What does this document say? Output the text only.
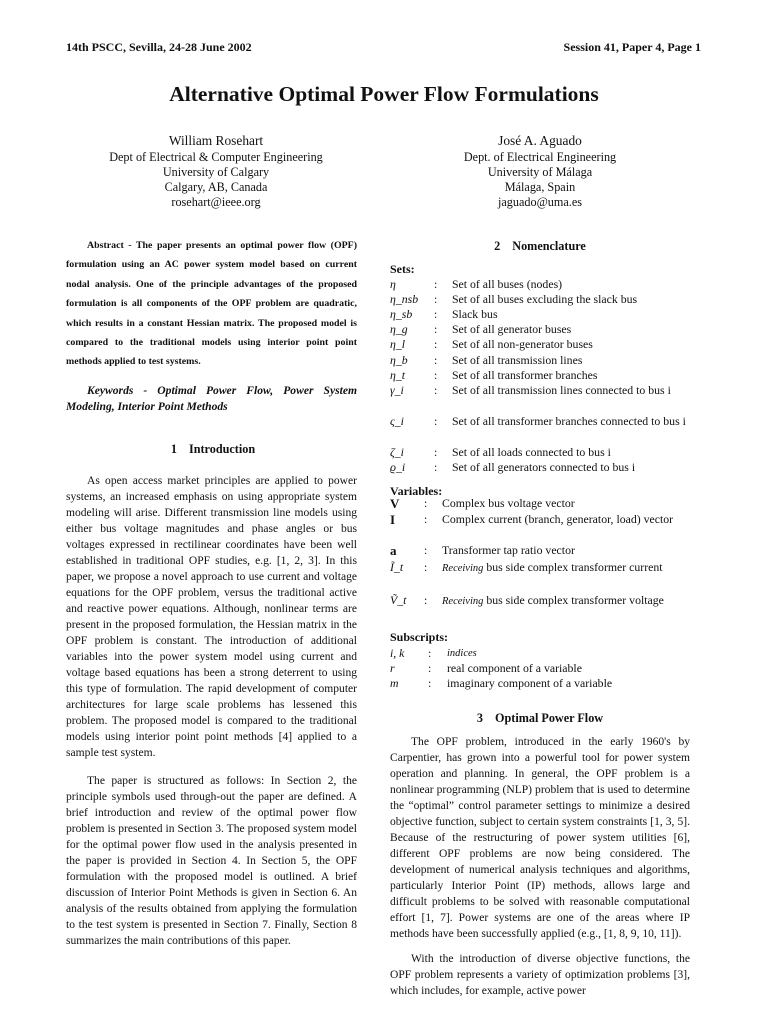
14th PSCC, Sevilla, 24-28 June 2002	Session 41, Paper 4, Page 1
Alternative Optimal Power Flow Formulations
William Rosehart
Dept of Electrical & Computer Engineering
University of Calgary
Calgary, AB, Canada
rosehart@ieee.org
José A. Aguado
Dept. of Electrical Engineering
University of Málaga
Málaga, Spain
jaguado@uma.es
Abstract - The paper presents an optimal power flow (OPF) formulation using an AC power system model based on current nodal analysis. One of the principle advantages of the proposed formulation is all components of the OPF problem are quadratic, which results in a constant Hessian matrix. The proposed model is compared to the traditional models using interior point point methods applied to test systems.
Keywords - Optimal Power Flow, Power System Modeling, Interior Point Methods
1 Introduction
As open access market principles are applied to power systems, an increased emphasis on using appropriate system modeling will arise. Different transmission line models using either bus voltage magnitudes and phase angles or bus voltages expressed in rectilinear coordinates have been well established in traditional OPF studies, e.g. [1, 2, 3]. In this paper, we propose a novel approach to use current and voltage equations for the OPF problem, versus the traditional active and reactive power equations. Although, nonlinear terms are present in the proposed formulation, the Hessian matrix in the OPF problem is constant. The introduction of additional variables into the power system model using current and voltage based equations has been a strong deterrent to using this type of formulation. The rapid development of computer architectures for large scale problems has lessened this problem. The proposed model is compared to the traditional models using interior point point methods [4] applied to a sample test system.
The paper is structured as follows: In Section 2, the principle symbols used through-out the paper are defined. A brief introduction and review of the optimal power flow problem is presented in Section 3. The proposed system model for the optimal power flow used in the analysis presented in the paper is provided in Section 4. In Section 5, the OPF formulation with the proposed model is outlined. A brief discussion of Interior Point Methods is given in Section 6. An analysis of the results obtained from applying the formulation to the test system is presented in Section 7. Finally, Section 8 summarizes the main contributions of this paper.
2 Nomenclature
Sets:
η	: Set of all buses (nodes)
η_nsb : Set of all buses excluding the slack bus
η_sb	: Slack bus
η_g	: Set of all generator buses
η_l	: Set of all non-generator buses
η_b	: Set of all transmission lines
η_t	: Set of all transformer branches
γ_i	: Set of all transmission lines connected to bus i
ς_i	: Set of all transformer branches connected to bus i
ζ_i	: Set of all loads connected to bus i
ϱ_i	: Set of all generators connected to bus i
Variables:
V	: Complex bus voltage vector
I	: Complex current (branch, generator, load) vector
a	: Transformer tap ratio vector
Ĩ_t	: Receiving bus side complex transformer current
Ṽ_t	: Receiving bus side complex transformer voltage
Subscripts:
i, k	: indices
r	: real component of a variable
m	: imaginary component of a variable
3 Optimal Power Flow
The OPF problem, introduced in the early 1960's by Carpentier, has grown into a powerful tool for power system operation and planning. In general, the OPF problem is a nonlinear programming (NLP) problem that is used to determine the “optimal” control parameter settings to minimize a desired objective function, subject to certain system constraints [1, 3, 5]. Because of the restructuring of power system utilities [6], different OPF problems are now being considered. The development of numerical analysis techniques and algorithms, particularly Interior Point (IP) methods, allows large and difficult problems to be solved with reasonable computational effort [1, 7]. Power systems are one of the areas where IP methods have been successfully applied (e.g., [1, 8, 9, 10, 11]).
With the introduction of diverse objective functions, the OPF problem represents a variety of optimization problems [3], which includes, for example, active power
